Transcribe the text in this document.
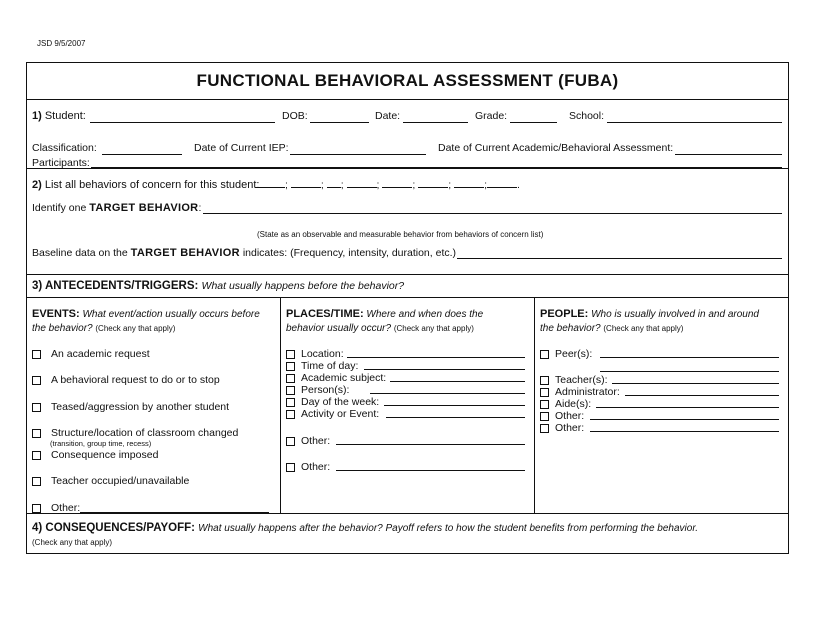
JSD 9/5/2007
FUNCTIONAL BEHAVIORAL ASSESSMENT (FUBA)
1) Student:	DOB:	Date:	Grade:	School:
Classification:	Date of Current IEP:	Date of Current Academic/Behavioral Assessment:
Participants:
2) List all behaviors of concern for this student:	;	; ;	;	;	;	;	.
Identify one TARGET BEHAVIOR:
(State as an observable and measurable behavior from behaviors of concern list)
Baseline data on the TARGET BEHAVIOR indicates: (Frequency, intensity, duration, etc.)
3) ANTECEDENTS/TRIGGERS: What usually happens before the behavior?
EVENTS: What event/action usually occurs before
the behavior? (Check any that apply)
An academic request
A behavioral request to do or to stop
Teased/aggression by another student
Structure/location of classroom changed
(transition, group time, recess)
Consequence imposed
Teacher occupied/unavailable
Other:
PLACES/TIME: Where and when does the
behavior usually occur? (Check any that apply)
Location:
Time of day:
Academic subject:
Person(s):
Day of the week:
Activity or Event:
Other:
Other:
PEOPLE: Who is usually involved in and around
the behavior? (Check any that apply)
Peer(s):
Teacher(s):
Administrator:
Aide(s):
Other:
Other:
4) CONSEQUENCES/PAYOFF: What usually happens after the behavior? Payoff refers to how the student benefits from performing the behavior.
(Check any that apply)
